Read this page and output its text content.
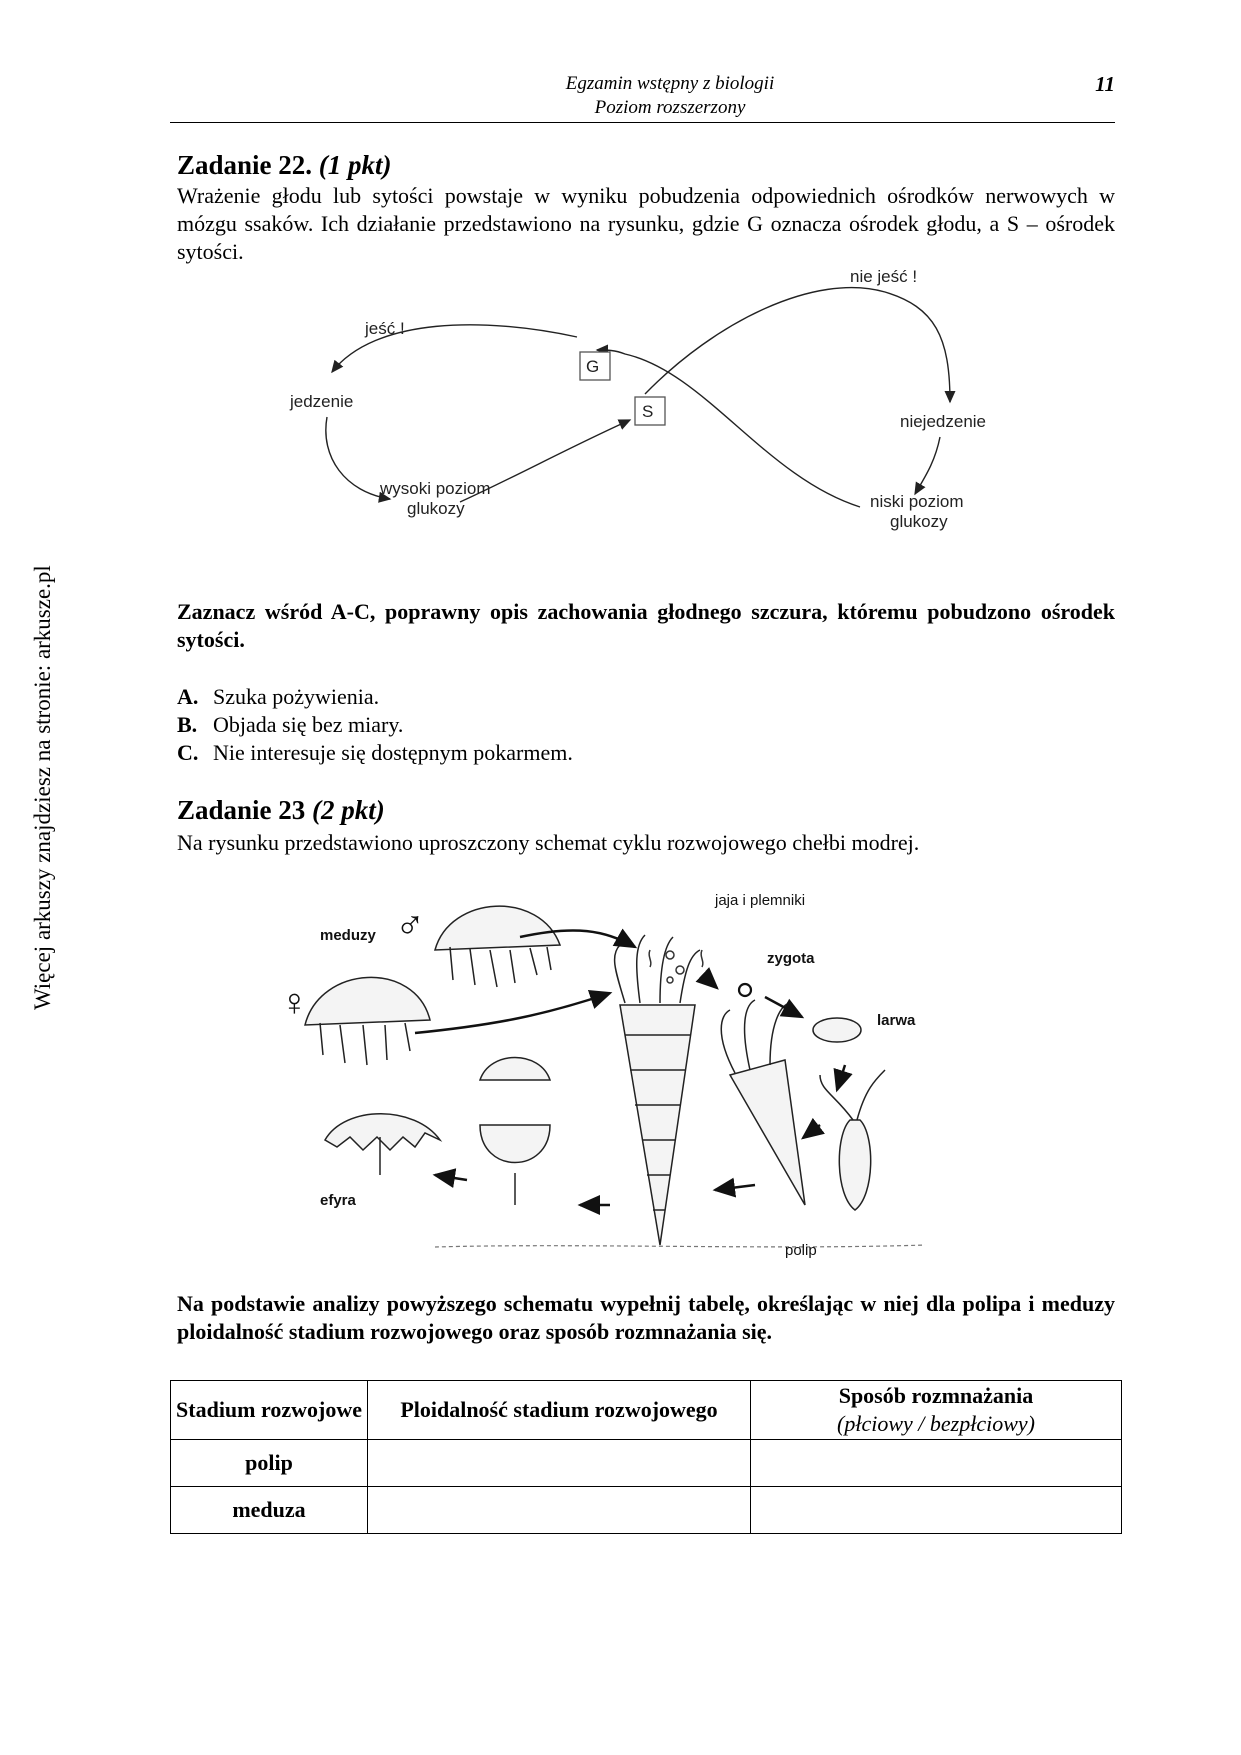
Egzamin wstępny z biologii
Poziom rozszerzony
11
Więcej arkuszy znajdziesz na stronie: arkusze.pl
Zadanie 22. (1 pkt)
Wrażenie głodu lub sytości powstaje w wyniku pobudzenia odpowiednich ośrodków nerwowych w mózgu ssaków. Ich działanie przedstawiono na rysunku, gdzie G oznacza ośrodek głodu, a S – ośrodek sytości.
G
S
jeść !
nie jeść !
jedzenie
niejedzenie
wysoki poziom
glukozy	niski poziom
glukozy
Zaznacz wśród A-C, poprawny opis zachowania głodnego szczura, któremu pobudzono ośrodek sytości.
A. Szuka pożywienia.
B. Objada się bez miary.
C. Nie interesuje się dostępnym pokarmem.
Zadanie 23 (2 pkt)
Na rysunku przedstawiono uproszczony schemat cyklu rozwojowego chełbi modrej.
meduzy ♂
♀
jaja i plemniki
zygota
larwa
polip
efyra
Na podstawie analizy powyższego schematu wypełnij tabelę, określając w niej dla polipa i meduzy ploidalność stadium rozwojowego oraz sposób rozmnażania się.
Stadium rozwojowe	Ploidalność stadium rozwojowego	Sposób rozmnażania
(płciowy / bezpłciowy)

polip		
meduza		
